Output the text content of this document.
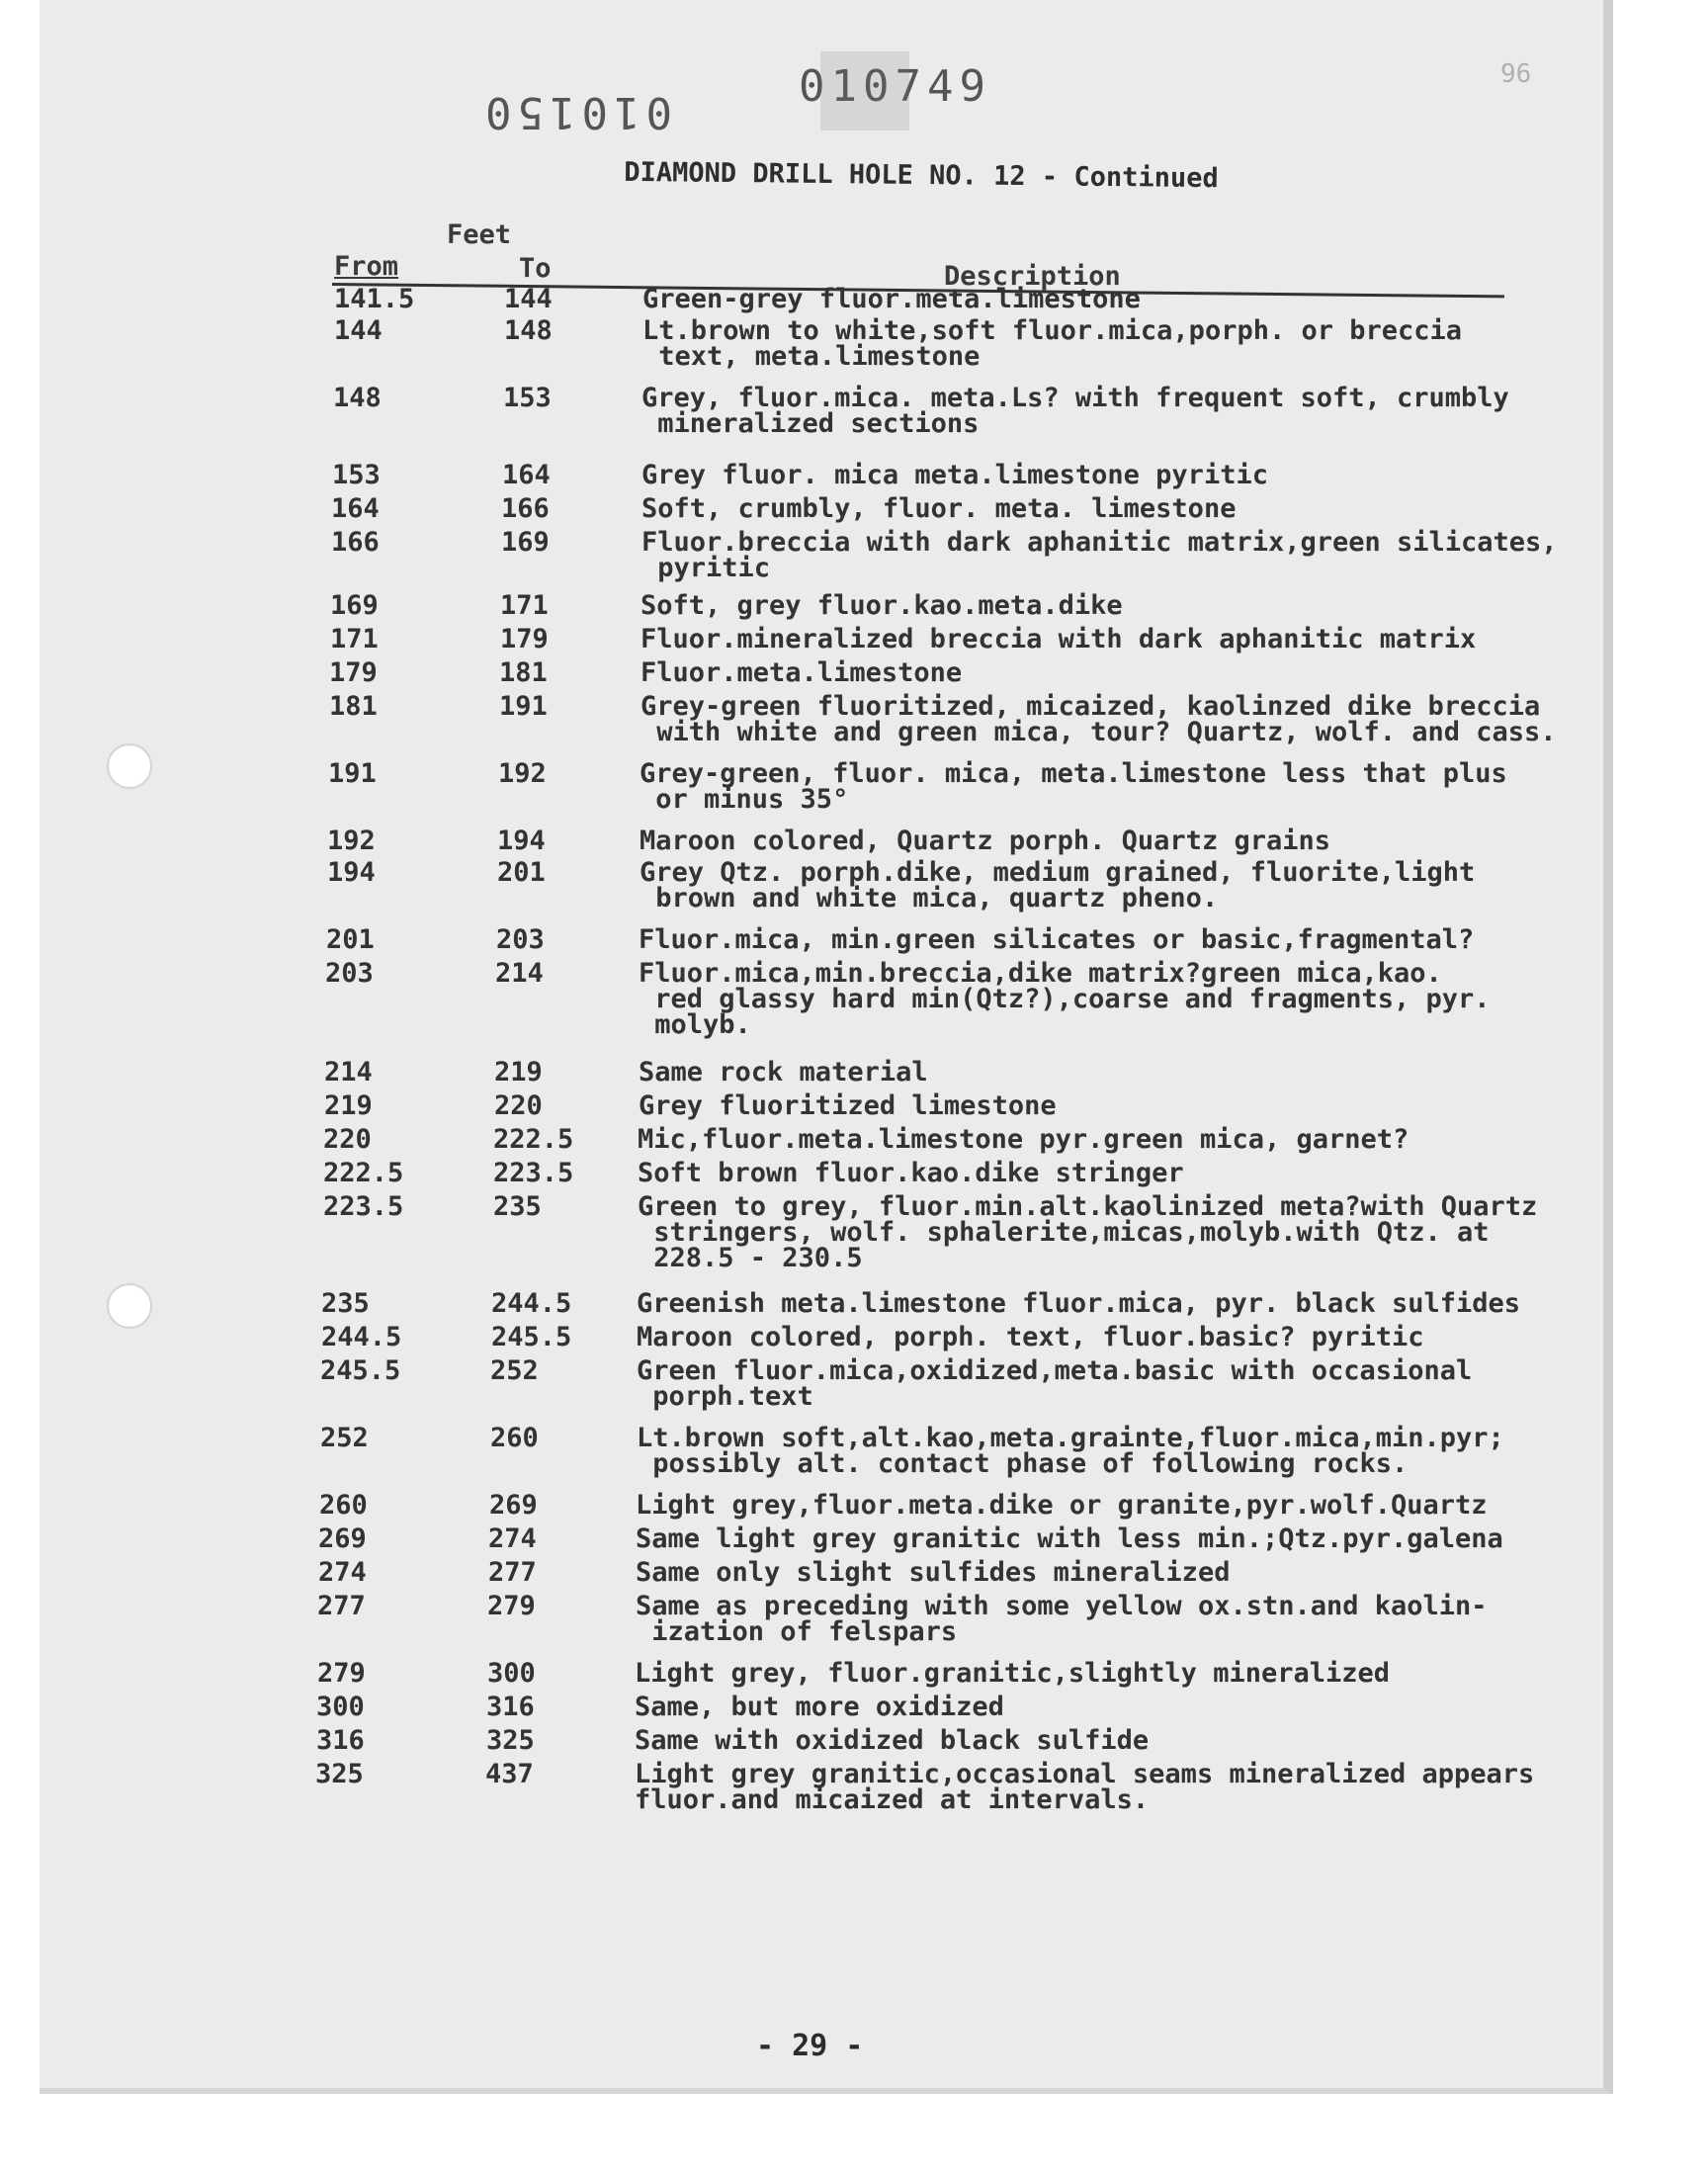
010150
010749	96
DIAMOND DRILL HOLE NO. 12 - Continued
Feet
From	To	Description
141.5	144	Green-grey fluor.meta.limestone
144	148	Lt.brown to white,soft fluor.mica,porph. or breccia
text, meta.limestone
148	153	Grey, fluor.mica. meta.Ls? with frequent soft, crumbly
mineralized sections
153	164	Grey fluor. mica meta.limestone pyritic
164	166	Soft, crumbly, fluor. meta. limestone
166	169	Fluor.breccia with dark aphanitic matrix,green silicates,
pyritic
169	171	Soft, grey fluor.kao.meta.dike
171	179	Fluor.mineralized breccia with dark aphanitic matrix
179	181	Fluor.meta.limestone
181	191	Grey-green fluoritized, micaized, kaolinzed dike breccia
with white and green mica, tour? Quartz, wolf. and cass.
191	192	Grey-green, fluor. mica, meta.limestone less that plus
or minus 35°
192	194	Maroon colored, Quartz porph. Quartz grains
194	201	Grey Qtz. porph.dike, medium grained, fluorite,light
brown and white mica, quartz pheno.
201	203	Fluor.mica, min.green silicates or basic,fragmental?
203	214	Fluor.mica,min.breccia,dike matrix?green mica,kao.
red glassy hard min(Qtz?),coarse and fragments, pyr.
molyb.
214	219	Same rock material
219	220	Grey fluoritized limestone
220	222.5 Mic,fluor.meta.limestone pyr.green mica, garnet?
222.5	223.5 Soft brown fluor.kao.dike stringer
223.5	235	Green to grey, fluor.min.alt.kaolinized meta?with Quartz
stringers, wolf. sphalerite,micas,molyb.with Qtz. at
228.5 - 230.5
235	244.5 Greenish meta.limestone fluor.mica, pyr. black sulfides
244.5	245.5 Maroon colored, porph. text, fluor.basic? pyritic
245.5	252	Green fluor.mica,oxidized,meta.basic with occasional
porph.text
252	260	Lt.brown soft,alt.kao,meta.grainte,fluor.mica,min.pyr;
possibly alt. contact phase of following rocks.
260	269	Light grey,fluor.meta.dike or granite,pyr.wolf.Quartz
269	274	Same light grey granitic with less min.;Qtz.pyr.galena
274	277	Same only slight sulfides mineralized
277	279	Same as preceding with some yellow ox.stn.and kaolin-
ization of felspars
279	300	Light grey, fluor.granitic,slightly mineralized
300	316	Same, but more oxidized
316	325	Same with oxidized black sulfide
325	437	Light grey granitic,occasional seams mineralized appears
fluor.and micaized at intervals.
- 29 -
